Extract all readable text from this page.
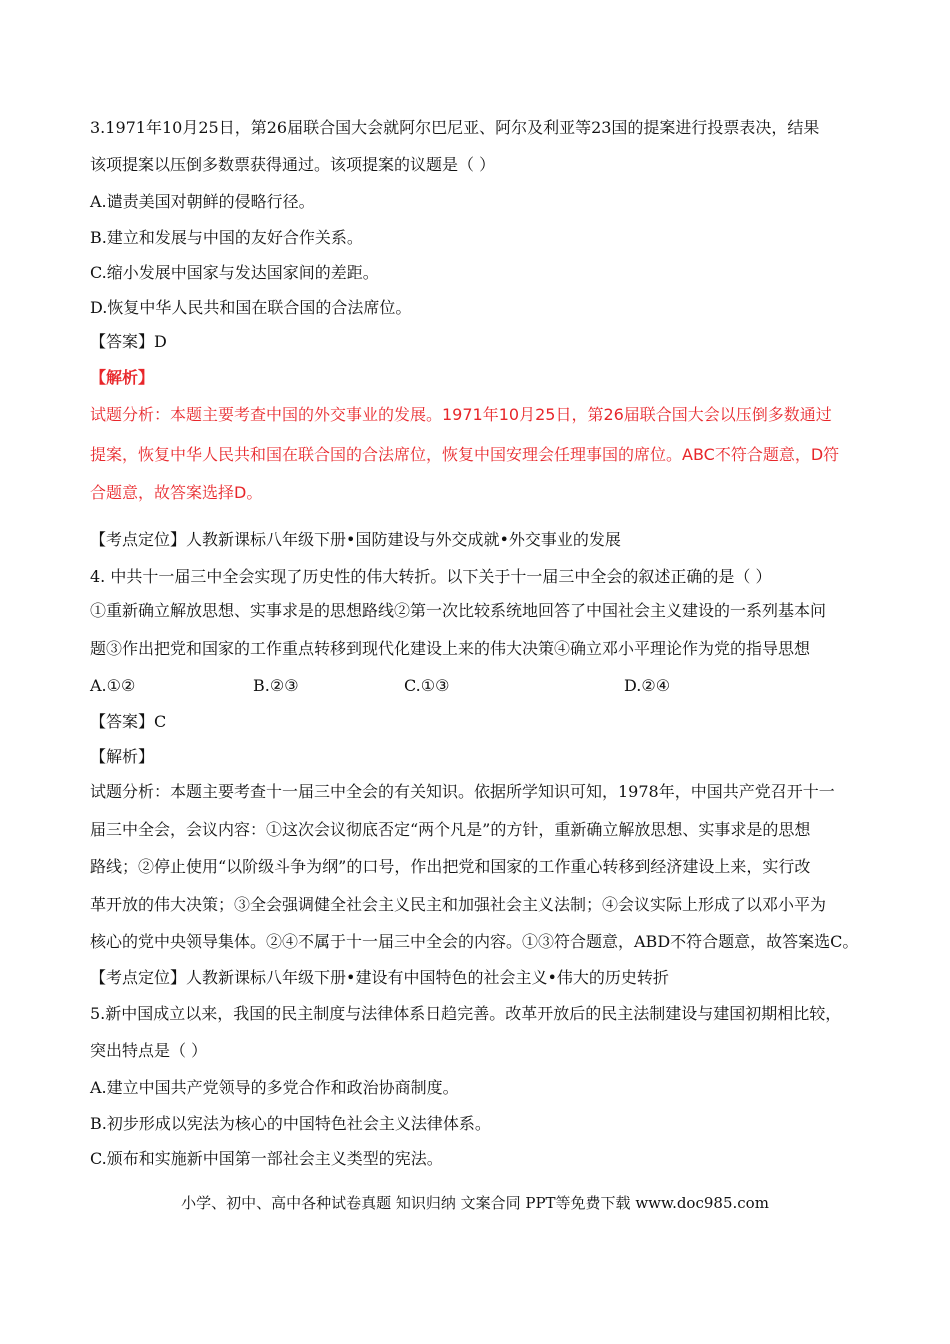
3.1971年10月25日，第26届联合国大会就阿尔巴尼亚、阿尔及利亚等23国的提案进行投票表决，结果
该项提案以压倒多数票获得通过。该项提案的议题是（ ）
A.谴责美国对朝鲜的侵略行径。
B.建立和发展与中国的友好合作关系。
C.缩小发展中国家与发达国家间的差距。
D.恢复中华人民共和国在联合国的合法席位。
【答案】D
【解析】
试题分析：本题主要考查中国的外交事业的发展。1971年10月25日，第26届联合国大会以压倒多数通过
提案，恢复中华人民共和国在联合国的合法席位，恢复中国安理会任理事国的席位。ABC不符合题意，D符
合题意，故答案选择D。
【考点定位】人教新课标八年级下册•国防建设与外交成就•外交事业的发展
4. 中共十一届三中全会实现了历史性的伟大转折。以下关于十一届三中全会的叙述正确的是（ ）
①重新确立解放思想、实事求是的思想路线②第一次比较系统地回答了中国社会主义建设的一系列基本问
题③作出把党和国家的工作重点转移到现代化建设上来的伟大决策④确立邓小平理论作为党的指导思想
A.①②	B.②③	C.①③	D.②④
【答案】C
【解析】
试题分析：本题主要考查十一届三中全会的有关知识。依据所学知识可知，1978年，中国共产党召开十一
届三中全会，会议内容：①这次会议彻底否定“两个凡是”的方针，重新确立解放思想、实事求是的思想
路线；②停止使用“以阶级斗争为纲”的口号，作出把党和国家的工作重心转移到经济建设上来，实行改
革开放的伟大决策；③全会强调健全社会主义民主和加强社会主义法制；④会议实际上形成了以邓小平为
核心的党中央领导集体。②④不属于十一届三中全会的内容。①③符合题意，ABD不符合题意，故答案选C。
【考点定位】人教新课标八年级下册•建设有中国特色的社会主义•伟大的历史转折
5.新中国成立以来，我国的民主制度与法律体系日趋完善。改革开放后的民主法制建设与建国初期相比较，
突出特点是（ ）
A.建立中国共产党领导的多党合作和政治协商制度。
B.初步形成以宪法为核心的中国特色社会主义法律体系。
C.颁布和实施新中国第一部社会主义类型的宪法。
小学、初中、高中各种试卷真题 知识归纳 文案合同 PPT等免费下载 www.doc985.com
